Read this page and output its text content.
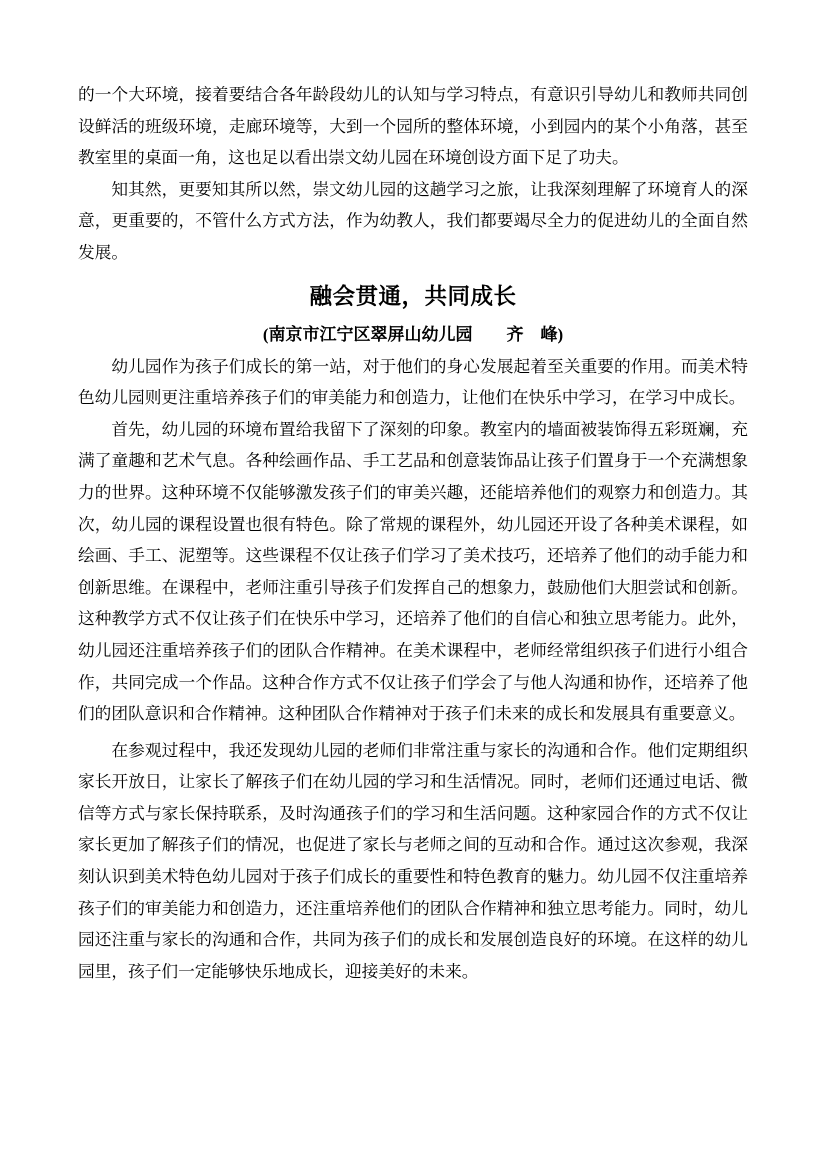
的一个大环境，接着要结合各年龄段幼儿的认知与学习特点，有意识引导幼儿和教师共同创设鲜活的班级环境，走廊环境等，大到一个园所的整体环境，小到园内的某个小角落，甚至教室里的桌面一角，这也足以看出崇文幼儿园在环境创设方面下足了功夫。

知其然，更要知其所以然，崇文幼儿园的这趟学习之旅，让我深刻理解了环境育人的深意，更重要的，不管什么方式方法，作为幼教人，我们都要竭尽全力的促进幼儿的全面自然发展。

融会贯通，共同成长
(南京市江宁区翠屏山幼儿园　　齐　峰)

幼儿园作为孩子们成长的第一站，对于他们的身心发展起着至关重要的作用。而美术特色幼儿园则更注重培养孩子们的审美能力和创造力，让他们在快乐中学习，在学习中成长。

首先，幼儿园的环境布置给我留下了深刻的印象。教室内的墙面被装饰得五彩斑斓，充满了童趣和艺术气息。各种绘画作品、手工艺品和创意装饰品让孩子们置身于一个充满想象力的世界。这种环境不仅能够激发孩子们的审美兴趣，还能培养他们的观察力和创造力。其次，幼儿园的课程设置也很有特色。除了常规的课程外，幼儿园还开设了各种美术课程，如绘画、手工、泥塑等。这些课程不仅让孩子们学习了美术技巧，还培养了他们的动手能力和创新思维。在课程中，老师注重引导孩子们发挥自己的想象力，鼓励他们大胆尝试和创新。这种教学方式不仅让孩子们在快乐中学习，还培养了他们的自信心和独立思考能力。此外，幼儿园还注重培养孩子们的团队合作精神。在美术课程中，老师经常组织孩子们进行小组合作，共同完成一个作品。这种合作方式不仅让孩子们学会了与他人沟通和协作，还培养了他们的团队意识和合作精神。这种团队合作精神对于孩子们未来的成长和发展具有重要意义。

在参观过程中，我还发现幼儿园的老师们非常注重与家长的沟通和合作。他们定期组织家长开放日，让家长了解孩子们在幼儿园的学习和生活情况。同时，老师们还通过电话、微信等方式与家长保持联系，及时沟通孩子们的学习和生活问题。这种家园合作的方式不仅让家长更加了解孩子们的情况，也促进了家长与老师之间的互动和合作。通过这次参观，我深刻认识到美术特色幼儿园对于孩子们成长的重要性和特色教育的魅力。幼儿园不仅注重培养孩子们的审美能力和创造力，还注重培养他们的团队合作精神和独立思考能力。同时，幼儿园还注重与家长的沟通和合作，共同为孩子们的成长和发展创造良好的环境。在这样的幼儿园里，孩子们一定能够快乐地成长，迎接美好的未来。
